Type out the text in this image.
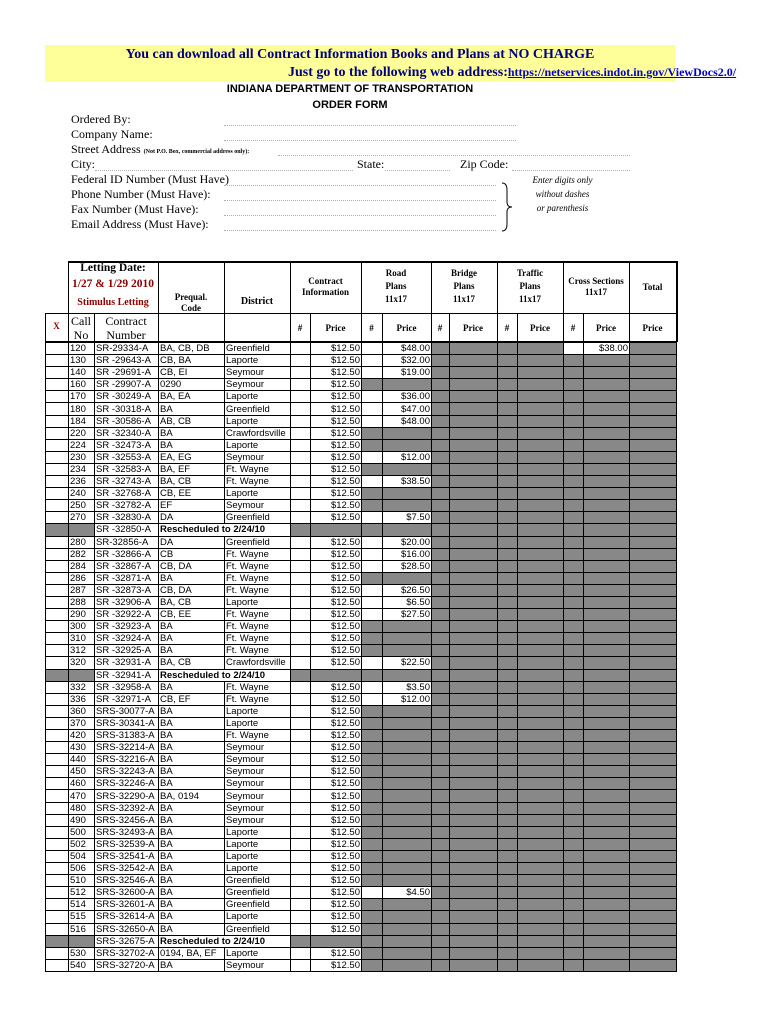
You can download all Contract Information Books and Plans at NO CHARGE
Just go to the following web address:https://netservices.indot.in.gov/ViewDocs2.0/
INDIANA DEPARTMENT OF TRANSPORTATION
ORDER FORM
Ordered By:
Company Name:
Street Address (Not P.O. Box, commercial address only):
City:	State:	Zip Code:
Federal ID Number (Must Have)
Phone Number (Must Have):
Fax Number (Must Have):
Email Address (Must Have):
Enter digits only
without dashes
or parenthesis
Letting Date:
1/27 & 1/29 2010
Stimulus Letting
X Call
No
Contract
Number
Prequal.
Code
District
Contract
Information
Road
Plans
11x17
Bridge
Plans
11x17
Traffic
Plans
11x17
Cross Sections
11x17	Total
#	Price	#	Price	#	Price	#	Price	#	Price	Price
	120	SR-29334-A	BA, CB, DB	Greenfield		$12.50		$48.00						$38.00	
	130	SR -29643-A	CB, BA	Laporte		$12.50		$32.00							
	140	SR -29691-A	CB, EI	Seymour		$12.50		$19.00							
	160	SR -29907-A	0290	Seymour		$12.50									
	170	SR -30249-A	BA, EA	Laporte		$12.50		$36.00							
	180	SR -30318-A	BA	Greenfield		$12.50		$47.00							
	184	SR -30586-A	AB, CB	Laporte		$12.50		$48.00							
	220	SR -32340-A	BA	Crawfordsville		$12.50									
	224	SR -32473-A	BA	Laporte		$12.50									
	230	SR -32553-A	EA, EG	Seymour		$12.50		$12.00							
	234	SR -32583-A	BA, EF	Ft. Wayne		$12.50									
	236	SR -32743-A	BA, CB	Ft. Wayne		$12.50		$38.50							
	240	SR -32768-A	CB, EE	Laporte		$12.50									
	250	SR -32782-A	EF	Seymour		$12.50									
	270	SR -32830-A	DA	Greenfield		$12.50		$7.50							
		SR -32850-A	Rescheduled to 2/24/10												
	280	SR-32856-A	DA	Greenfield		$12.50		$20.00							
	282	SR -32866-A	CB	Ft. Wayne		$12.50		$16.00							
	284	SR -32867-A	CB, DA	Ft. Wayne		$12.50		$28.50							
	286	SR -32871-A	BA	Ft. Wayne		$12.50									
	287	SR -32873-A	CB, DA	Ft. Wayne		$12.50		$26.50							
	288	SR -32906-A	BA, CB	Laporte		$12.50		$6.50							
	290	SR -32922-A	CB, EE	Ft. Wayne		$12.50		$27.50							
	300	SR -32923-A	BA	Ft. Wayne		$12.50									
	310	SR -32924-A	BA	Ft. Wayne		$12.50									
	312	SR -32925-A	BA	Ft. Wayne		$12.50									
	320	SR -32931-A	BA, CB	Crawfordsville		$12.50		$22.50							
		SR -32941-A	Rescheduled to 2/24/10												
	332	SR -32958-A	BA	Ft. Wayne		$12.50		$3.50							
	336	SR -32971-A	CB, EF	Ft. Wayne		$12.50		$12.00							
	360	SRS-30077-A	BA	Laporte		$12.50									
	370	SRS-30341-A	BA	Laporte		$12.50									
	420	SRS-31383-A	BA	Ft. Wayne		$12.50									
	430	SRS-32214-A	BA	Seymour		$12.50									
	440	SRS-32216-A	BA	Seymour		$12.50									
	450	SRS-32243-A	BA	Seymour		$12.50									
	460	SRS-32246-A	BA	Seymour		$12.50									
	470	SRS-32290-A	BA, 0194	Seymour		$12.50									
	480	SRS-32392-A	BA	Seymour		$12.50									
	490	SRS-32456-A	BA	Seymour		$12.50									
	500	SRS-32493-A	BA	Laporte		$12.50									
	502	SRS-32539-A	BA	Laporte		$12.50									
	504	SRS-32541-A	BA	Laporte		$12.50									
	506	SRS-32542-A	BA	Laporte		$12.50									
	510	SRS-32546-A	BA	Greenfield		$12.50									
	512	SRS-32600-A	BA	Greenfield		$12.50		$4.50							
	514	SRS-32601-A	BA	Greenfield		$12.50									
	515	SRS-32614-A	BA	Laporte		$12.50									
	516	SRS-32650-A	BA	Greenfield		$12.50									
		SRS-32675-A	Rescheduled to 2/24/10												
	530	SRS-32702-A	0194, BA, EF	Laporte		$12.50									
	540	SRS-32720-A	BA	Seymour		$12.50									
